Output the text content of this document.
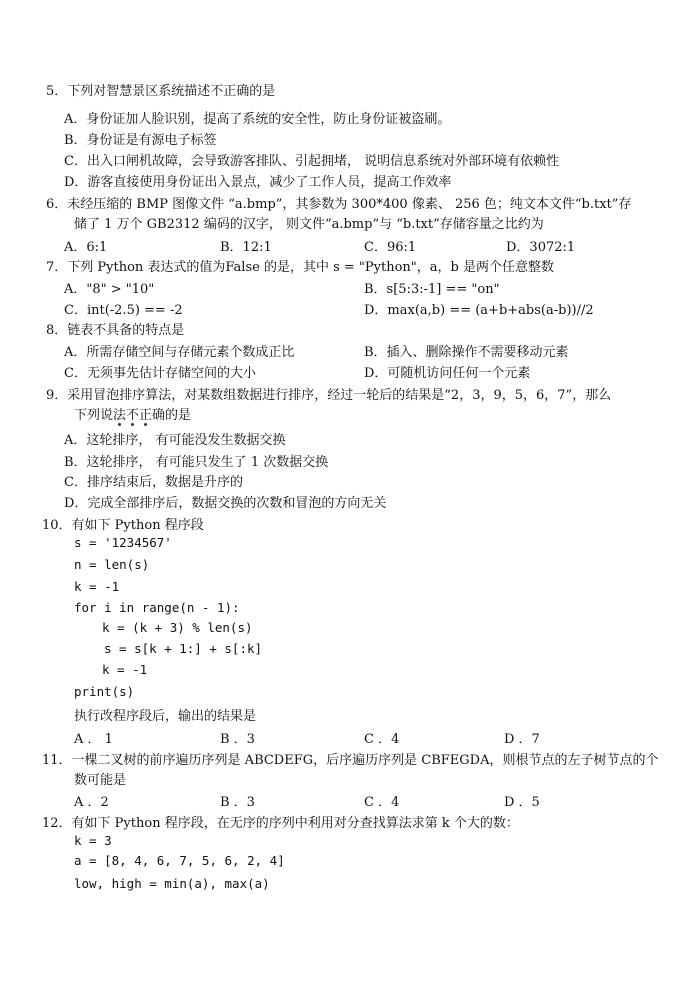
5．下列对智慧景区系统描述不正确的是
A．身份证加人脸识别，提高了系统的安全性，防止身份证被盗刷。
B．身份证是有源电子标签
C．出入口闸机故障，会导致游客排队、引起拥堵， 说明信息系统对外部环境有依赖性
D．游客直接使用身份证出入景点，减少了工作人员，提高工作效率
6．未经压缩的 BMP 图像文件 “a.bmp”，其参数为 300*400 像素、 256 色；纯文本文件“b.txt”存
储了 1 万个 GB2312 编码的汉字， 则文件“a.bmp”与 “b.txt”存储容量之比约为
A．6:1	B．12:1	C．96:1	D．3072:1
7．下列 Python 表达式的值为False 的是，其中 s = "Python"，a，b 是两个任意整数
A．"8" > "10"	B．s[5:3:-1] == "on"
C．int(-2.5) == -2	D．max(a,b) == (a+b+abs(a-b))//2
8．链表不具备的特点是
A．所需存储空间与存储元素个数成正比	B．插入、删除操作不需要移动元素
C．无须事先估计存储空间的大小	D．可随机访问任何一个元素
9．采用冒泡排序算法，对某数组数据进行排序，经过一轮后的结果是“2，3，9，5，6，7”，那么
下列说法不正确的是
A．这轮排序， 有可能没发生数据交换
B．这轮排序， 有可能只发生了 1 次数据交换
C．排序结束后，数据是升序的
D．完成全部排序后，数据交换的次数和冒泡的方向无关
10．有如下 Python 程序段
s = '1234567'
n = len(s)
k = -1
for i in range(n - 1):
k = (k + 3) % len(s)
s = s[k + 1:] + s[:k]
k = -1
print(s)
执行改程序段后，输出的结果是
A ． 1	B ．3	C ．4	D ．7
11．一棵二叉树的前序遍历序列是 ABCDEFG，后序遍历序列是 CBFEGDA，则根节点的左子树节点的个
数可能是
A ．2	B ．3	C ．4	D ．5
12．有如下 Python 程序段，在无序的序列中利用对分查找算法求第 k 个大的数：
k = 3
a = [8, 4, 6, 7, 5, 6, 2, 4]
low, high = min(a), max(a)
